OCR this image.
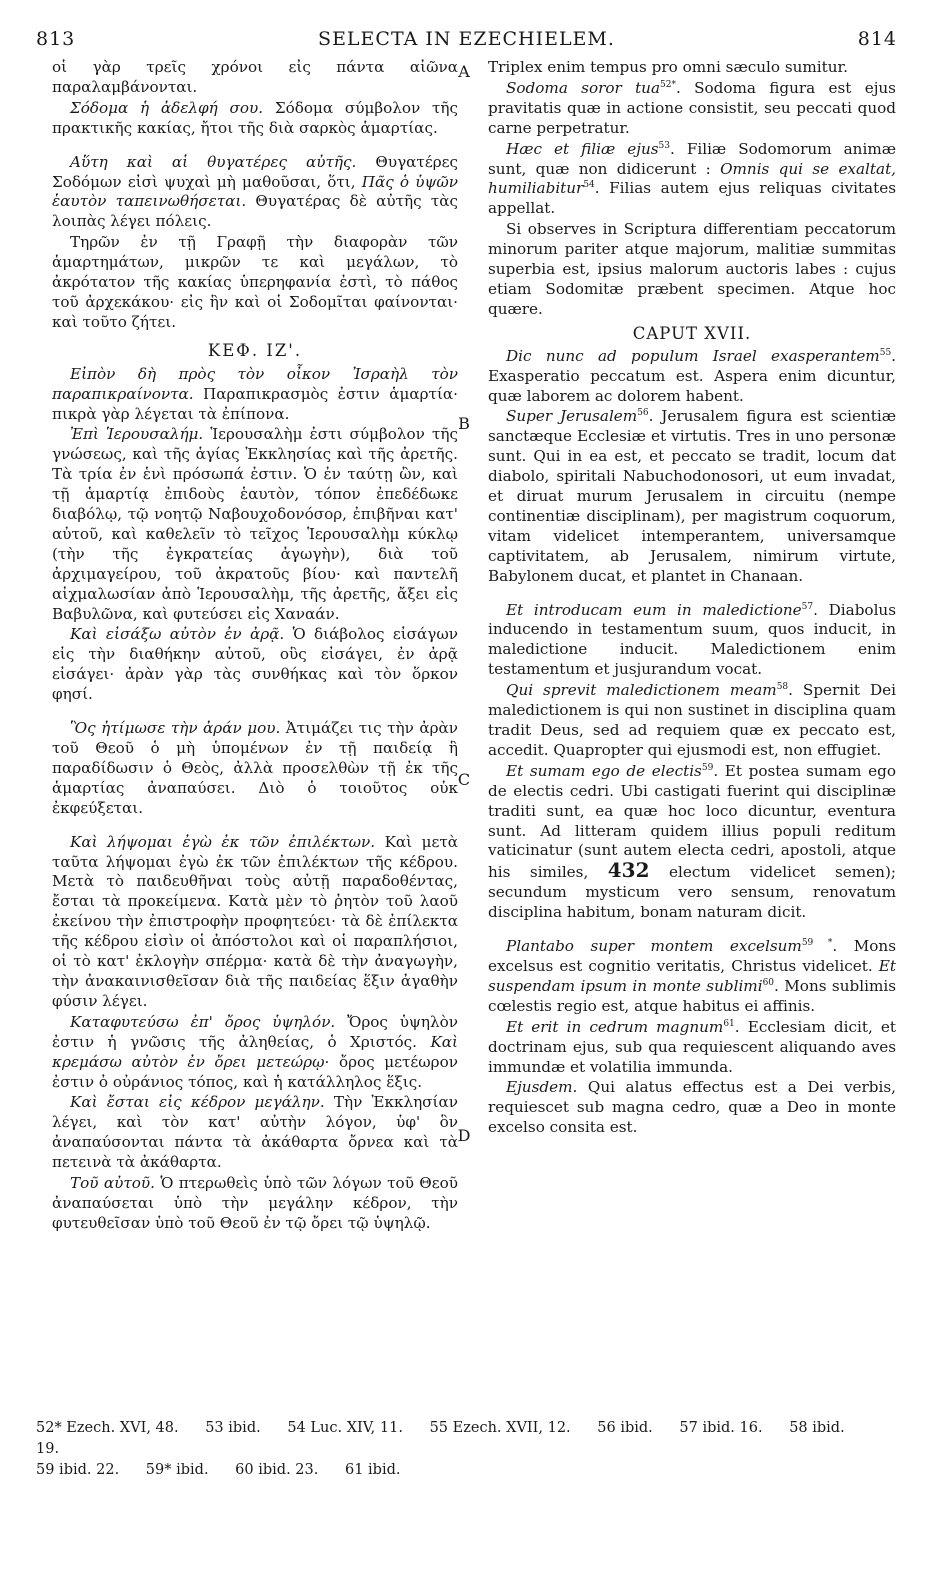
813	SELECTA IN EZECHIELEM.	814
A
B
C
D

οἱ γὰρ τρεῖς χρόνοι εἰς πάντα αἰῶνα παραλαμβάνονται.

Σόδομα ἡ ἀδελφή σου. Σόδομα σύμβολον τῆς πρακτικῆς κακίας, ἤτοι τῆς διὰ σαρκὸς ἁμαρτίας.

Αὕτη καὶ αἱ θυγατέρες αὐτῆς. Θυγατέρες Σοδόμων εἰσὶ ψυχαὶ μὴ μαθοῦσαι, ὅτι, Πᾶς ὁ ὑψῶν ἑαυτὸν ταπεινωθήσεται. Θυγατέρας δὲ αὐτῆς τὰς λοιπὰς λέγει πόλεις.

Τηρῶν ἐν τῇ Γραφῇ τὴν διαφορὰν τῶν ἁμαρτημάτων, μικρῶν τε καὶ μεγάλων, τὸ ἀκρότατον τῆς κακίας ὑπερηφανία ἐστὶ, τὸ πάθος τοῦ ἀρχεκάκου· εἰς ἣν καὶ οἱ Σοδομῖται φαίνονται· καὶ τοῦτο ζήτει.

ΚΕΦ. ΙΖ'.

Εἰπὸν δὴ πρὸς τὸν οἶκον Ἰσραὴλ τὸν παραπικραίνοντα. Παραπικρασμὸς ἐστιν ἁμαρτία· πικρὰ γὰρ λέγεται τὰ ἐπίπονα.

Ἐπὶ Ἱερουσαλήμ. Ἱερουσαλὴμ ἐστι σύμβολον τῆς γνώσεως, καὶ τῆς ἁγίας Ἐκκλησίας καὶ τῆς ἀρετῆς. Τὰ τρία ἐν ἑνὶ πρόσωπά ἐστιν. Ὁ ἐν ταύτῃ ὢν, καὶ τῇ ἁμαρτίᾳ ἐπιδοὺς ἑαυτὸν, τόπον ἐπεδέδωκε διαβόλῳ, τῷ νοητῷ Ναβουχοδονόσορ, ἐπιβῆναι κατ' αὐτοῦ, καὶ καθελεῖν τὸ τεῖχος Ἱερουσαλὴμ κύκλῳ (τὴν τῆς ἐγκρατείας ἀγωγὴν), διὰ τοῦ ἀρχιμαγείρου, τοῦ ἀκρατοῦς βίου· καὶ παντελῆ αἰχμαλωσίαν ἀπὸ Ἱερουσαλὴμ, τῆς ἀρετῆς, ἄξει εἰς Βαβυλῶνα, καὶ φυτεύσει εἰς Χαναάν.

Καὶ εἰσάξω αὐτὸν ἐν ἀρᾷ. Ὁ διάβολος εἰσάγων εἰς τὴν διαθήκην αὐτοῦ, οὓς εἰσάγει, ἐν ἀρᾷ εἰσάγει· ἀρὰν γὰρ τὰς συνθήκας καὶ τὸν ὅρκον φησί.

Ὃς ἠτίμωσε τὴν ἀράν μου. Ἀτιμάζει τις τὴν ἀρὰν τοῦ Θεοῦ ὁ μὴ ὑπομένων ἐν τῇ παιδείᾳ ἣ παραδίδωσιν ὁ Θεὸς, ἀλλὰ προσελθὼν τῇ ἐκ τῆς ἁμαρτίας ἀναπαύσει. Διὸ ὁ τοιοῦτος οὐκ ἐκφεύξεται.

Καὶ λήψομαι ἐγὼ ἐκ τῶν ἐπιλέκτων. Καὶ μετὰ ταῦτα λήψομαι ἐγὼ ἐκ τῶν ἐπιλέκτων τῆς κέδρου. Μετὰ τὸ παιδευθῆναι τοὺς αὐτῇ παραδοθέντας, ἔσται τὰ προκείμενα. Κατὰ μὲν τὸ ῥητὸν τοῦ λαοῦ ἐκείνου τὴν ἐπιστροφὴν προφητεύει· τὰ δὲ ἐπίλεκτα τῆς κέδρου εἰσὶν οἱ ἀπόστολοι καὶ οἱ παραπλήσιοι, οἱ τὸ κατ' ἐκλογὴν σπέρμα· κατὰ δὲ τὴν ἀναγωγὴν, τὴν ἀνακαινισθεῖσαν διὰ τῆς παιδείας ἕξιν ἀγαθὴν φύσιν λέγει.

Καταφυτεύσω ἐπ' ὄρος ὑψηλόν. Ὄρος ὑψηλὸν ἐστιν ἡ γνῶσις τῆς ἀληθείας, ὁ Χριστός. Καὶ κρεμάσω αὐτὸν ἐν ὄρει μετεώρῳ· ὄρος μετέωρον ἐστιν ὁ οὐράνιος τόπος, καὶ ἡ κατάλληλος ἕξις.

Καὶ ἔσται εἰς κέδρον μεγάλην. Τὴν Ἐκκλησίαν λέγει, καὶ τὸν κατ' αὐτὴν λόγον, ὑφ' ὃν ἀναπαύσονται πάντα τὰ ἀκάθαρτα ὄρνεα καὶ τὰ πετεινὰ τὰ ἀκάθαρτα.

Τοῦ αὐτοῦ. Ὁ πτερωθεὶς ὑπὸ τῶν λόγων τοῦ Θεοῦ ἀναπαύσεται ὑπὸ τὴν μεγάλην κέδρον, τὴν φυτευθεῖσαν ὑπὸ τοῦ Θεοῦ ἐν τῷ ὄρει τῷ ὑψηλῷ.

Triplex enim tempus pro omni sæculo sumitur.

Sodoma soror tua$^{52*}$. Sodoma figura est ejus pravitatis quæ in actione consistit, seu peccati quod carne perpetratur.

Hæc et filiæ ejus$^{53}$. Filiæ Sodomorum animæ sunt, quæ non didicerunt : Omnis qui se exaltat, humiliabitur$^{54}$. Filias autem ejus reliquas civitates appellat.

Si observes in Scriptura differentiam peccatorum minorum pariter atque majorum, malitiæ summitas superbia est, ipsius malorum auctoris labes : cujus etiam Sodomitæ præbent specimen. Atque hoc quære.

CAPUT XVII.

Dic nunc ad populum Israel exasperantem$^{55}$. Exasperatio peccatum est. Aspera enim dicuntur, quæ laborem ac dolorem habent.

Super Jerusalem$^{56}$. Jerusalem figura est scientiæ sanctæque Ecclesiæ et virtutis. Tres in uno personæ sunt. Qui in ea est, et peccato se tradit, locum dat diabolo, spiritali Nabuchodonosori, ut eum invadat, et diruat murum Jerusalem in circuitu (nempe continentiæ disciplinam), per magistrum coquorum, vitam videlicet intemperantem, universamque captivitatem, ab Jerusalem, nimirum virtute, Babylonem ducat, et plantet in Chanaan.

Et introducam eum in maledictione$^{57}$. Diabolus inducendo in testamentum suum, quos inducit, in maledictione inducit. Maledictionem enim testamentum et jusjurandum vocat.

Qui sprevit maledictionem meam$^{58}$. Spernit Dei maledictionem is qui non sustinet in disciplina quam tradit Deus, sed ad requiem quæ ex peccato est, accedit. Quapropter qui ejusmodi est, non effugiet.

Et sumam ego de electis$^{59}$. Et postea sumam ego de electis cedri. Ubi castigati fuerint qui disciplinæ traditi sunt, ea quæ hoc loco dicuntur, eventura sunt. Ad litteram quidem illius populi reditum vaticinatur (sunt autem electa cedri, apostoli, atque his similes, 432 electum videlicet semen); secundum mysticum vero sensum, renovatum disciplina habitum, bonam naturam dicit.

Plantabo super montem excelsum$^{59 *}$. Mons excelsus est cognitio veritatis, Christus videlicet. Et suspendam ipsum in monte sublimi$^{60}$. Mons sublimis cœlestis regio est, atque habitus ei affinis.

Et erit in cedrum magnum$^{61}$. Ecclesiam dicit, et doctrinam ejus, sub qua requiescent aliquando aves immundæ et volatilia immunda.

Ejusdem. Qui alatus effectus est a Dei verbis, requiescet sub magna cedro, quæ a Deo in monte excelso consita est.

52* Ezech. XVI, 48. 53 ibid. 54 Luc. XIV, 11. 55 Ezech. XVII, 12. 56 ibid. 57 ibid. 16. 58 ibid. 19.
59 ibid. 22. 59* ibid. 60 ibid. 23. 61 ibid.
